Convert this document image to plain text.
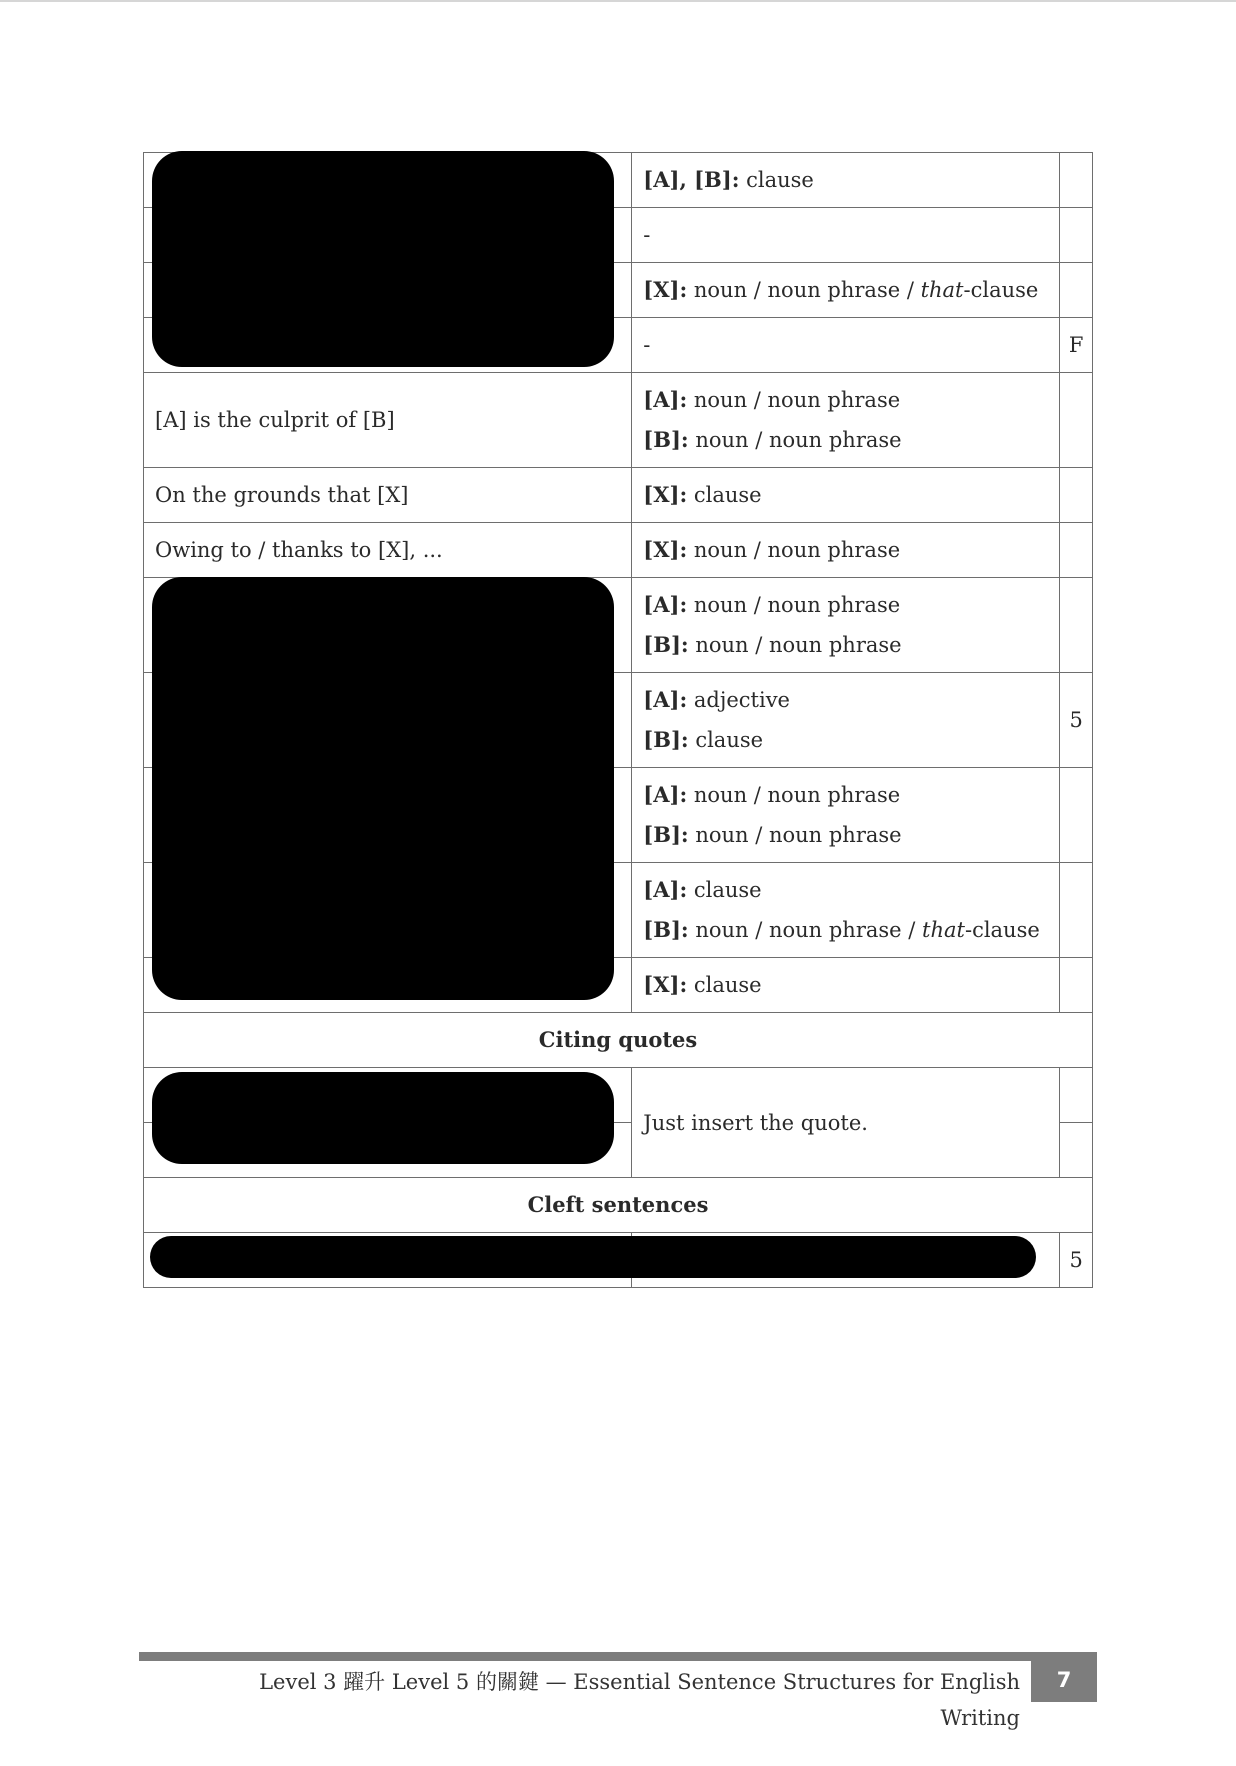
	[A], [B]: clause	
	-	
	[X]: noun / noun phrase / that-clause	
	-	F
[A] is the culprit of [B]	[A]: noun / noun phrase
[B]: noun / noun phrase	

On the grounds that [X]	[X]: clause	
Owing to / thanks to [X], ...	[X]: noun / noun phrase	

	[A]: noun / noun phrase
[B]: noun / noun phrase	

	[A]: adjective
[B]: clause	5

	[A]: noun / noun phrase
[B]: noun / noun phrase	

	[A]: clause
[B]: noun / noun phrase / that-clause	

	[X]: clause	
Citing quotes		
	Just insert the quote.	

Cleft sentences		
		5
Level 3 躍升 Level 5 的關鍵 — Essential Sentence Structures for English Writing
7
